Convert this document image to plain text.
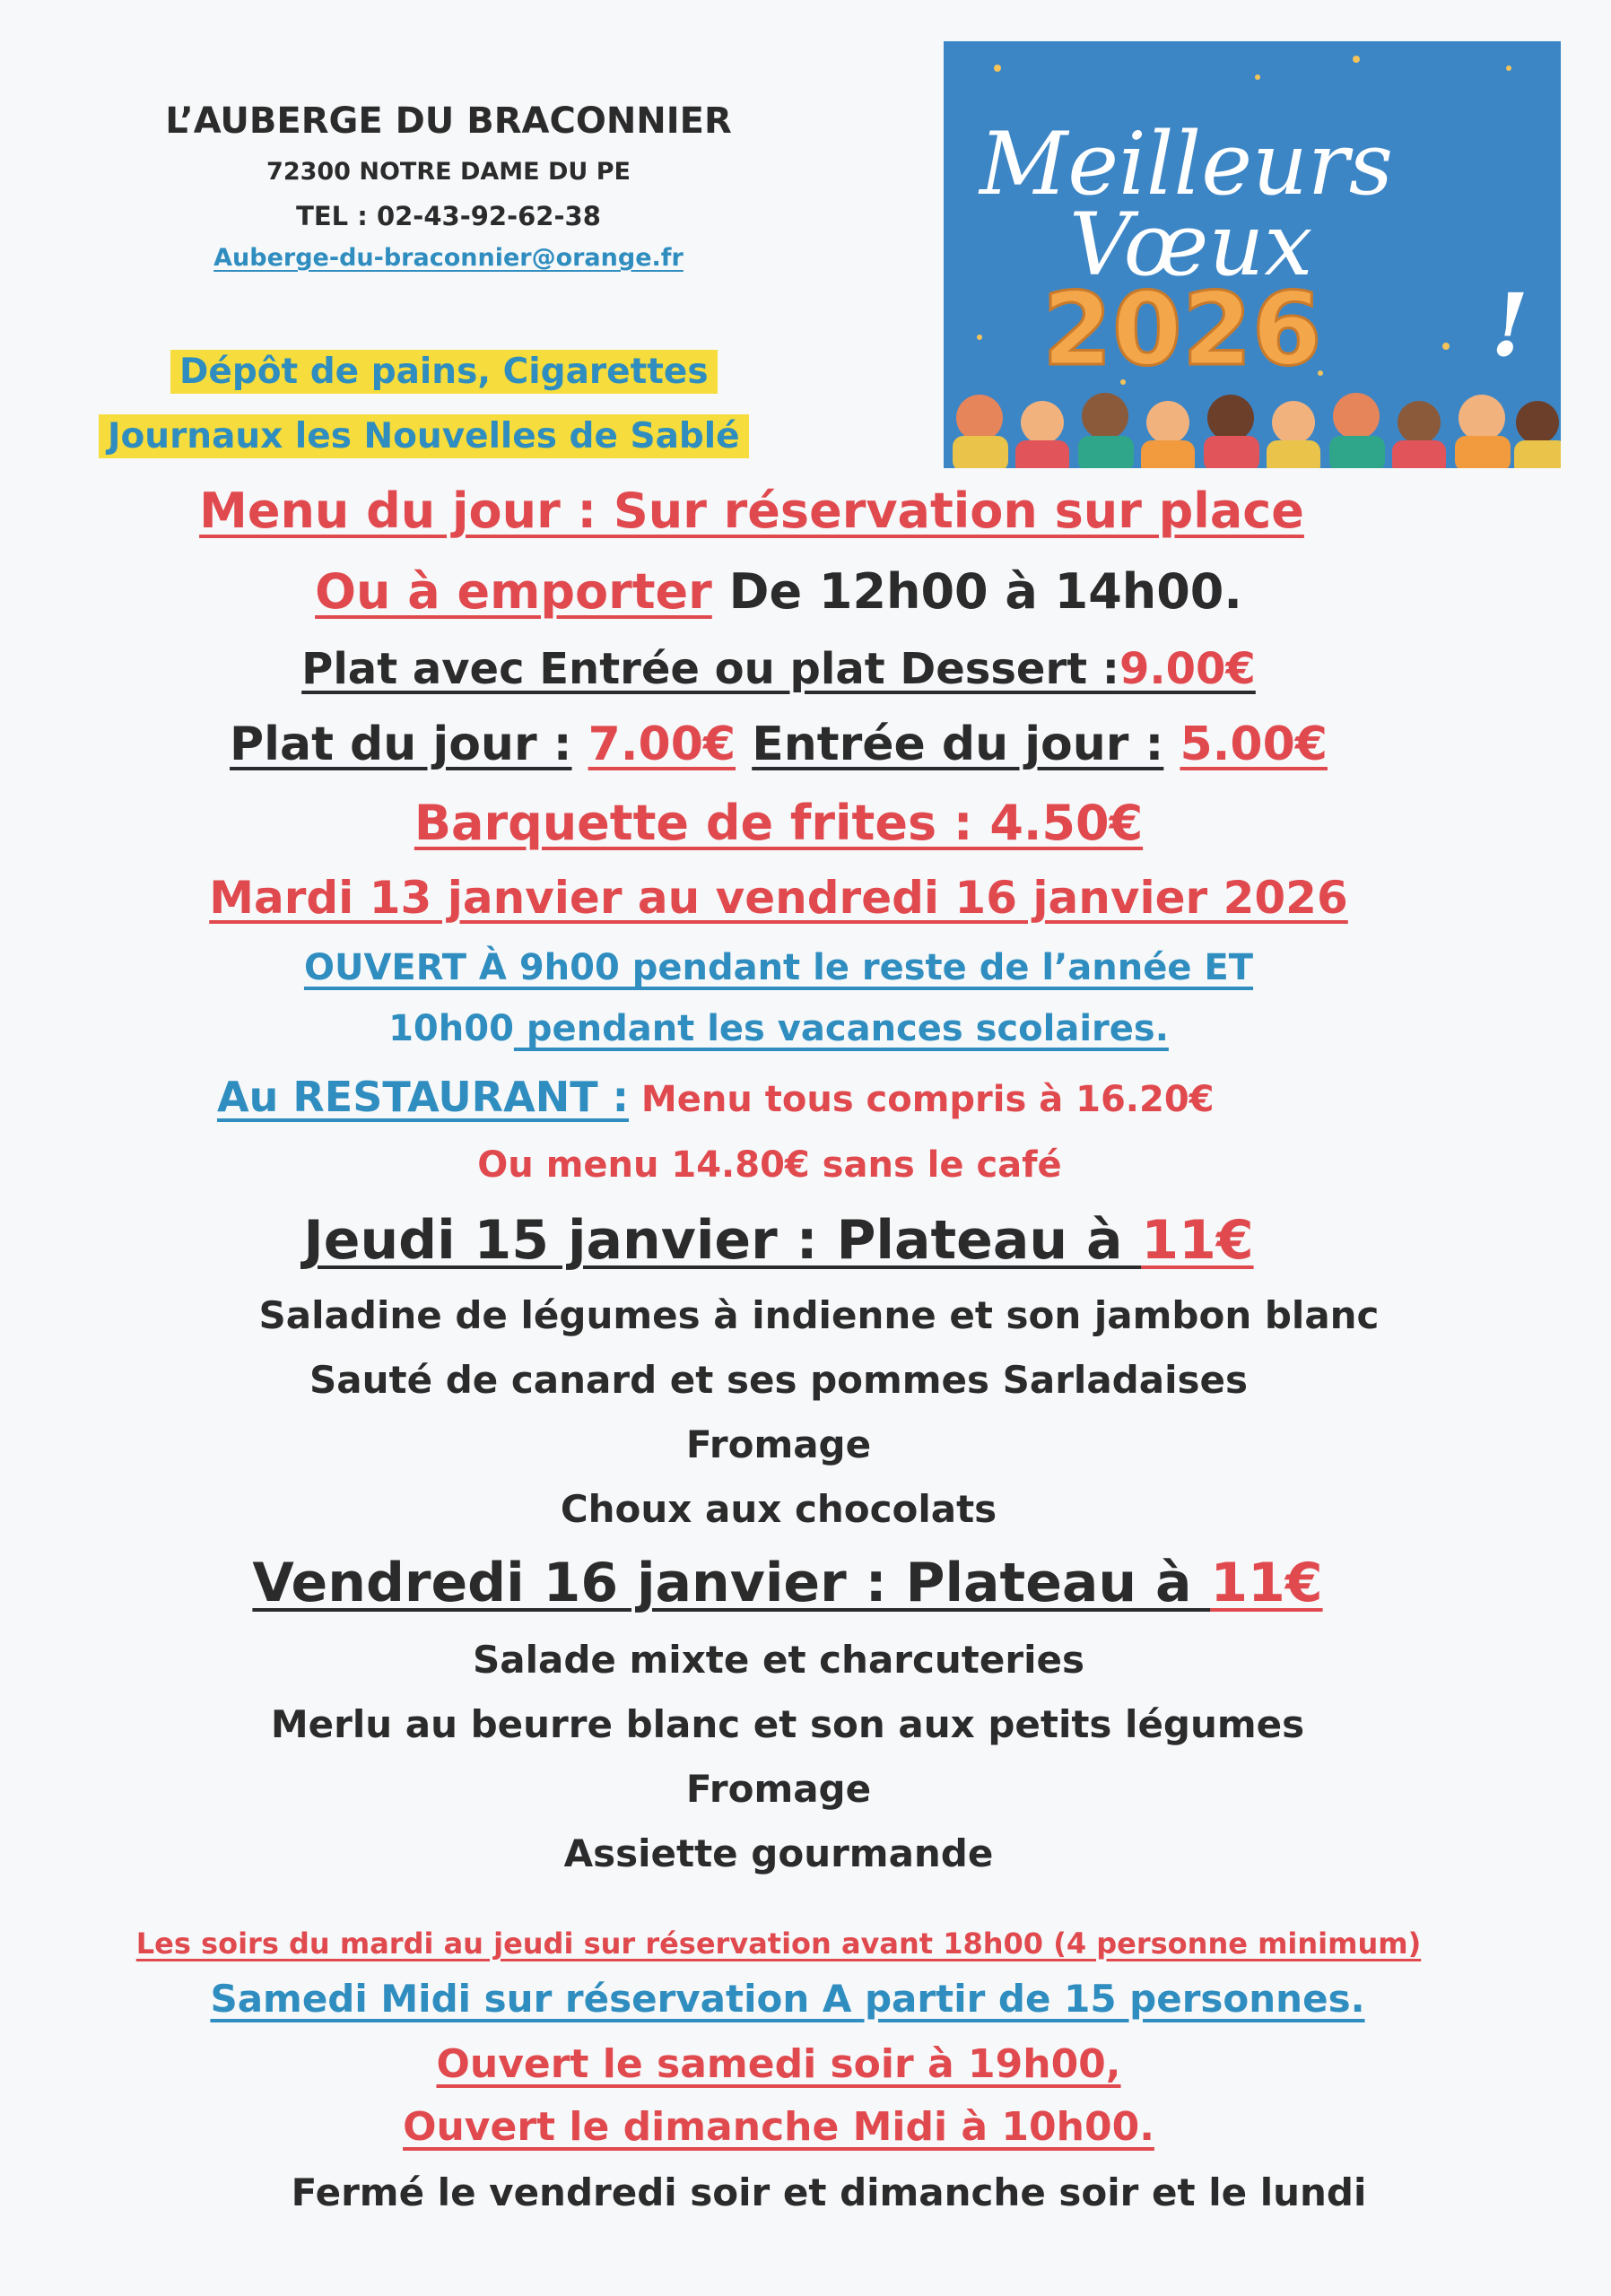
L’AUBERGE DU BRACONNIER
72300 NOTRE DAME DU PE
TEL : 02-43-92-62-38
Auberge-du-braconnier@orange.fr
Dépôt de pains, Cigarettes
Journaux les Nouvelles de Sablé
Meilleurs
Vœux
2026 !
Menu du jour : Sur réservation sur place
Ou à emporter De 12h00 à 14h00.
Plat avec Entrée ou plat Dessert :9.00€
Plat du jour : 7.00€ Entrée du jour : 5.00€
Barquette de frites : 4.50€
Mardi 13 janvier au vendredi 16 janvier 2026
OUVERT À 9h00 pendant le reste de l’année ET
10h00 pendant les vacances scolaires.
Au RESTAURANT : Menu tous compris à 16.20€
Ou menu 14.80€ sans le café
Jeudi 15 janvier : Plateau à 11€
Saladine de légumes à indienne et son jambon blanc
Sauté de canard et ses pommes Sarladaises
Fromage
Choux aux chocolats
Vendredi 16 janvier : Plateau à 11€
Salade mixte et charcuteries
Merlu au beurre blanc et son aux petits légumes
Fromage
Assiette gourmande
Les soirs du mardi au jeudi sur réservation avant 18h00 (4 personne minimum)
Samedi Midi sur réservation A partir de 15 personnes.
Ouvert le samedi soir à 19h00,
Ouvert le dimanche Midi à 10h00.
Fermé le vendredi soir et dimanche soir et le lundi
